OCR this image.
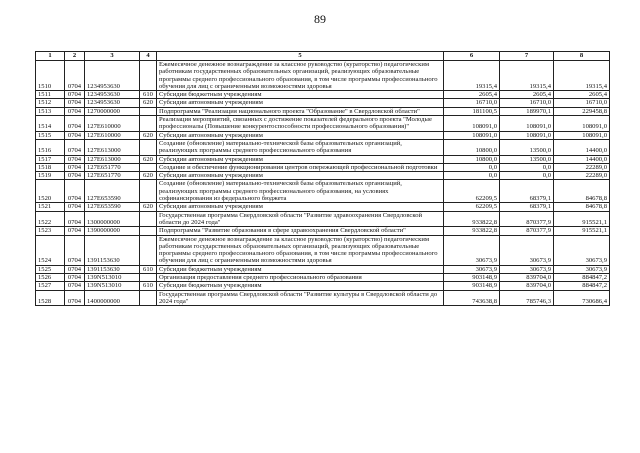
89
1	2	3	4	5	6	7	8
1510	0704	1234953630		Ежемесячное денежное вознаграждение за классное руководство (кураторство) педагогическим работникам государственных образовательных организаций, реализующих образовательные программы среднего профессионального образования, в том числе программы профессионального обучения для лиц с ограниченными возможностями здоровья	19315,4	19315,4	19315,4
1511	0704	1234953630	610	Субсидии бюджетным учреждениям	2605,4	2605,4	2605,4
1512	0704	1234953630	620	Субсидии автономным учреждениям	16710,0	16710,0	16710,0
1513	0704	1270000000		Подпрограмма "Реализация национального проекта "Образование" в Свердловской области"	181100,5	189970,1	229458,8
1514	0704	127E610000		Реализация мероприятий, связанных с достижение показателей федерального проекта "Молодые профессионалы (Повышение конкурентоспособности профессионального образования)"	108091,0	108091,0	108091,0
1515	0704	127E610000	620	Субсидии автономным учреждениям	108091,0	108091,0	108091,0
1516	0704	127E613000		Создание (обновление) материально-технической базы образовательных организаций, реализующих программы среднего профессионального образования	10800,0	13500,0	14400,0
1517	0704	127E613000	620	Субсидии автономным учреждениям	10800,0	13500,0	14400,0
1518	0704	127E651770		Создание и обеспечение функционирования центров опережающей профессиональной подготовки	0,0	0,0	22289,0
1519	0704	127E651770	620	Субсидии автономным учреждениям	0,0	0,0	22289,0
1520	0704	127E653590		Создание (обновление) материально-технической базы образовательных организаций, реализующих программы среднего профессионального образования, на условиях софинансирования из федерального бюджета	62209,5	68379,1	84678,8
1521	0704	127E653590	620	Субсидии автономным учреждениям	62209,5	68379,1	84678,8
1522	0704	1300000000		Государственная программа Свердловской области "Развитие здравоохранения Свердловской области до 2024 года"	933822,8	870377,9	915521,1
1523	0704	1390000000		Подпрограмма "Развитие образования в сфере здравоохранения Свердловской области"	933822,8	870377,9	915521,1
1524	0704	1391153630		Ежемесячное денежное вознаграждение за классное руководство (кураторство) педагогическим работникам государственных образовательных организаций, реализующих образовательные программы среднего профессионального образования, в том числе программы профессионального обучения для лиц с ограниченными возможностями здоровья	30673,9	30673,9	30673,9
1525	0704	1391153630	610	Субсидии бюджетным учреждениям	30673,9	30673,9	30673,9
1526	0704	139N513010		Организация предоставления среднего профессионального образования	903148,9	839704,0	884847,2
1527	0704	139N513010	610	Субсидии бюджетным учреждениям	903148,9	839704,0	884847,2
1528	0704	1400000000		Государственная программа Свердловской области "Развитие культуры в Свердловской области до 2024 года"	743638,8	785746,3	730686,4
